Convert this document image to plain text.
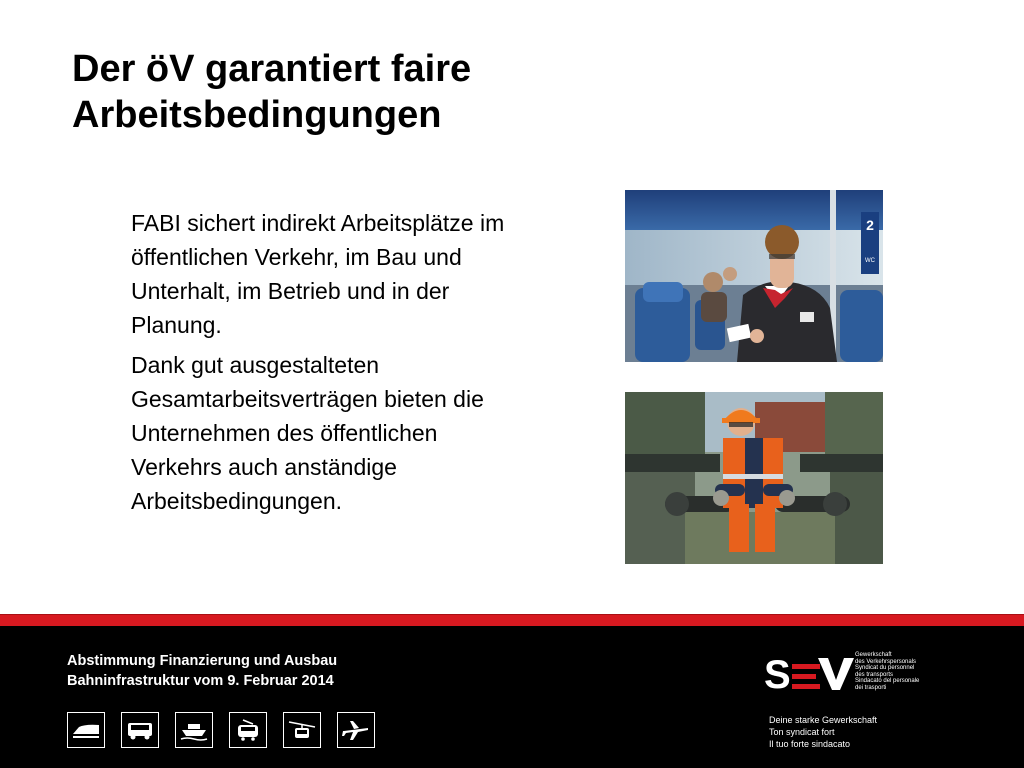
Der öV garantiert faire
Arbeitsbedingungen

FABI sichert indirekt Arbeitsplätze im öffentlichen Verkehr, im Bau und Unterhalt, im Betrieb und in der Planung.

Dank gut ausgestalteten Gesamtarbeitsverträgen bieten die Unternehmen des öffentlichen Verkehrs auch anständige Arbeitsbedingungen.

2
WC
Abstimmung Finanzierung und Ausbau
Bahninfrastruktur vom 9. Februar 2014	S	Gewerkschaft
des Verkehrspersonals
Syndicat du personnel
des transports
Sindacato del personale
dei trasporti
Deine starke Gewerkschaft
Ton syndicat fort
Il tuo forte sindacato
